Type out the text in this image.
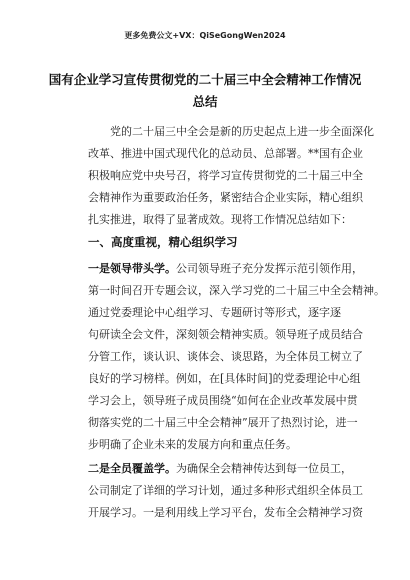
更多免费公文+VX：QiSeGongWen2024
国有企业学习宣传贯彻党的二十届三中全会精神工作情况
总结
党的二十届三中全会是新的历史起点上进一步全面深化
改革、推进中国式现代化的总动员、总部署。**国有企业
积极响应党中央号召，将学习宣传贯彻党的二十届三中全
会精神作为重要政治任务，紧密结合企业实际，精心组织
扎实推进，取得了显著成效。现将工作情况总结如下：
一、高度重视，精心组织学习
一是领导带头学。公司领导班子充分发挥示范引领作用，
第一时间召开专题会议，深入学习党的二十届三中全会精神。
通过党委理论中心组学习、专题研讨等形式，逐字逐
句研读全会文件，深刻领会精神实质。领导班子成员结合
分管工作，谈认识、谈体会、谈思路，为全体员工树立了
良好的学习榜样。例如，在[具体时间]的党委理论中心组
学习会上，领导班子成员围绕“如何在企业改革发展中贯
彻落实党的二十届三中全会精神”展开了热烈讨论，进一
步明确了企业未来的发展方向和重点任务。
二是全员覆盖学。为确保全会精神传达到每一位员工，
公司制定了详细的学习计划，通过多种形式组织全体员工
开展学习。一是利用线上学习平台，发布全会精神学习资
